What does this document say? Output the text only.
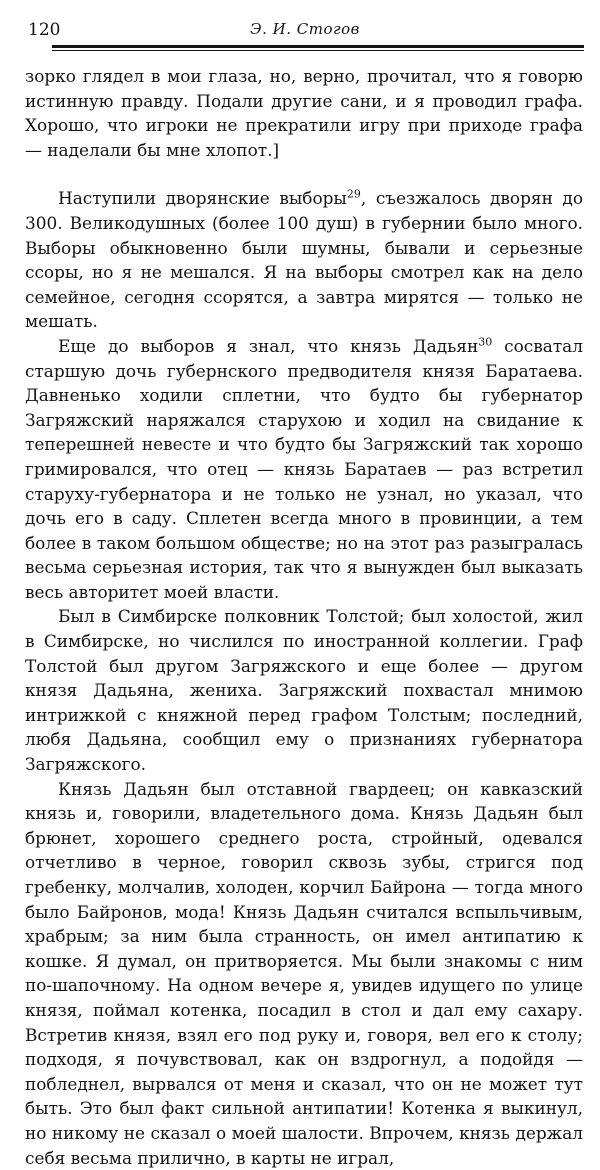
120	Э. И. Стогов

зорко глядел в мои глаза, но, верно, прочитал, что я говорю истинную правду. Подали другие сани, и я проводил графа. Хорошо, что игроки не прекратили игру при приходе графа — наделали бы мне хлопот.]

Наступили дворянские выборы$^{29}$, съезжалось дворян до 300. Великодушных (более 100 душ) в губернии было много. Выборы обыкновенно были шумны, бывали и серьезные ссоры, но я не мешался. Я на выборы смотрел как на дело семейное, сегодня ссорятся, а завтра мирятся — только не мешать.

Еще до выборов я знал, что князь Дадьян$^{30}$ сосватал старшую дочь губернского предводителя князя Баратаева. Давненько ходили сплетни, что будто бы губернатор Загряжский наряжался старухою и ходил на свидание к теперешней невесте и что будто бы Загряжский так хорошо гримировался, что отец — князь Баратаев — раз встретил старуху-губернатора и не только не узнал, но указал, что дочь его в саду. Сплетен всегда много в провинции, а тем более в таком большом обществе; но на этот раз разыгралась весьма серьезная история, так что я вынужден был выказать весь авторитет моей власти.

Был в Симбирске полковник Толстой; был холостой, жил в Симбирске, но числился по иностранной коллегии. Граф Толстой был другом Загряжского и еще более — другом князя Дадьяна, жениха. Загряжский похвастал мнимою интрижкой с княжной перед графом Толстым; последний, любя Дадьяна, сообщил ему о признаниях губернатора Загряжского.

Князь Дадьян был отставной гвардеец; он кавказский князь и, говорили, владетельного дома. Князь Дадьян был брюнет, хорошего среднего роста, стройный, одевался отчетливо в черное, говорил сквозь зубы, стригся под гребенку, молчалив, холоден, корчил Байрона — тогда много было Байронов, мода! Князь Дадьян считался вспыльчивым, храбрым; за ним была странность, он имел антипатию к кошке. Я думал, он притворяется. Мы были знакомы с ним по-шапочному. На одном вечере я, увидев идущего по улице князя, поймал котенка, посадил в стол и дал ему сахару. Встретив князя, взял его под руку и, говоря, вел его к столу; подходя, я почувствовал, как он вздрогнул, а подойдя — побледнел, вырвался от меня и сказал, что он не может тут быть. Это был факт сильной антипатии! Котенка я выкинул, но никому не сказал о моей шалости. Впрочем, князь держал себя весьма прилично, в карты не играл,
